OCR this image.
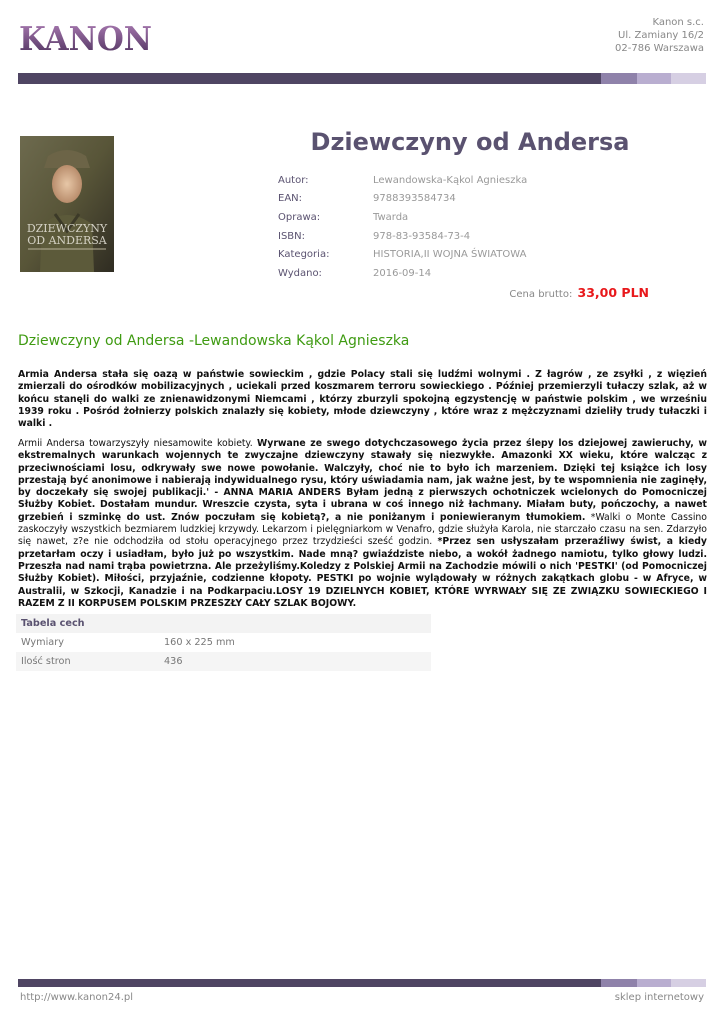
KANON	Kanon s.c.
Ul. Zamiany 16/2
02-786 Warszawa
DZIEWCZYNY
OD ANDERSA
Dziewczyny od Andersa
Autor:	Lewandowska-Kąkol Agnieszka
EAN:	9788393584734
Oprawa:	Twarda
ISBN:	978-83-93584-73-4
Kategoria:	HISTORIA,II WOJNA ŚWIATOWA
Wydano:	2016-09-14
Cena brutto: 33,00 PLN
Dziewczyny od Andersa -Lewandowska Kąkol Agnieszka

Armia Andersa stała się oazą w państwie sowieckim , gdzie Polacy stali się ludźmi wolnymi . Z łagrów , ze zsyłki , z więzień zmierzali do ośrodków mobilizacyjnych , uciekali przed koszmarem terroru sowieckiego . Później przemierzyli tułaczy szlak, aż w końcu stanęli do walki ze znienawidzonymi Niemcami , którzy zburzyli spokojną egzystencję w państwie polskim , we wrześniu 1939 roku . Pośród żołnierzy polskich znalazły się kobiety, młode dziewczyny , które wraz z mężczyznami dzieliły trudy tułaczki i walki .

Armii Andersa towarzyszyły niesamowite kobiety. Wyrwane ze swego dotychczasowego życia przez ślepy los dziejowej zawieruchy, w ekstremalnych warunkach wojennych te zwyczajne dziewczyny stawały się niezwykłe. Amazonki XX wieku, które walcząc z przeciwnościami losu, odkrywały swe nowe powołanie. Walczyły, choć nie to było ich marzeniem. Dzięki tej książce ich losy przestają być anonimowe i nabierają indywidualnego rysu, który uświadamia nam, jak ważne jest, by te wspomnienia nie zaginęły, by doczekały się swojej publikacji.' - ANNA MARIA ANDERS Byłam jedną z pierwszych ochotniczek wcielonych do Pomocniczej Służby Kobiet. Dostałam mundur. Wreszcie czysta, syta i ubrana w coś innego niż łachmany. Miałam buty, pończochy, a nawet grzebień i szminkę do ust. Znów poczułam się kobietą?, a nie poniżanym i poniewieranym tłumokiem. *Walki o Monte Cassino zaskoczyły wszystkich bezmiarem ludzkiej krzywdy. Lekarzom i pielęgniarkom w Venafro, gdzie służyła Karola, nie starczało czasu na sen. Zdarzyło się nawet, z?e nie odchodziła od stołu operacyjnego przez trzydzieści sześć godzin. *Przez sen usłyszałam przeraźliwy świst, a kiedy przetarłam oczy i usiadłam, było już po wszystkim. Nade mną? gwiaździste niebo, a wokół żadnego namiotu, tylko głowy ludzi. Przeszła nad nami trąba powietrzna. Ale przeżyliśmy.Koledzy z Polskiej Armii na Zachodzie mówili o nich 'PESTKI' (od Pomocniczej Służby Kobiet). Miłości, przyjaźnie, codzienne kłopoty. PESTKI po wojnie wylądowały w różnych zakątkach globu - w Afryce, w Australii, w Szkocji, Kanadzie i na Podkarpaciu.LOSY 19 DZIELNYCH KOBIET, KTÓRE WYRWAŁY SIĘ ZE ZWIĄZKU SOWIECKIEGO I RAZEM Z II KORPUSEM POLSKIM PRZESZŁY CAŁY SZLAK BOJOWY.

Tabela cech
Wymiary	160 x 225 mm
Ilość stron	436
http://www.kanon24.pl	sklep internetowy
